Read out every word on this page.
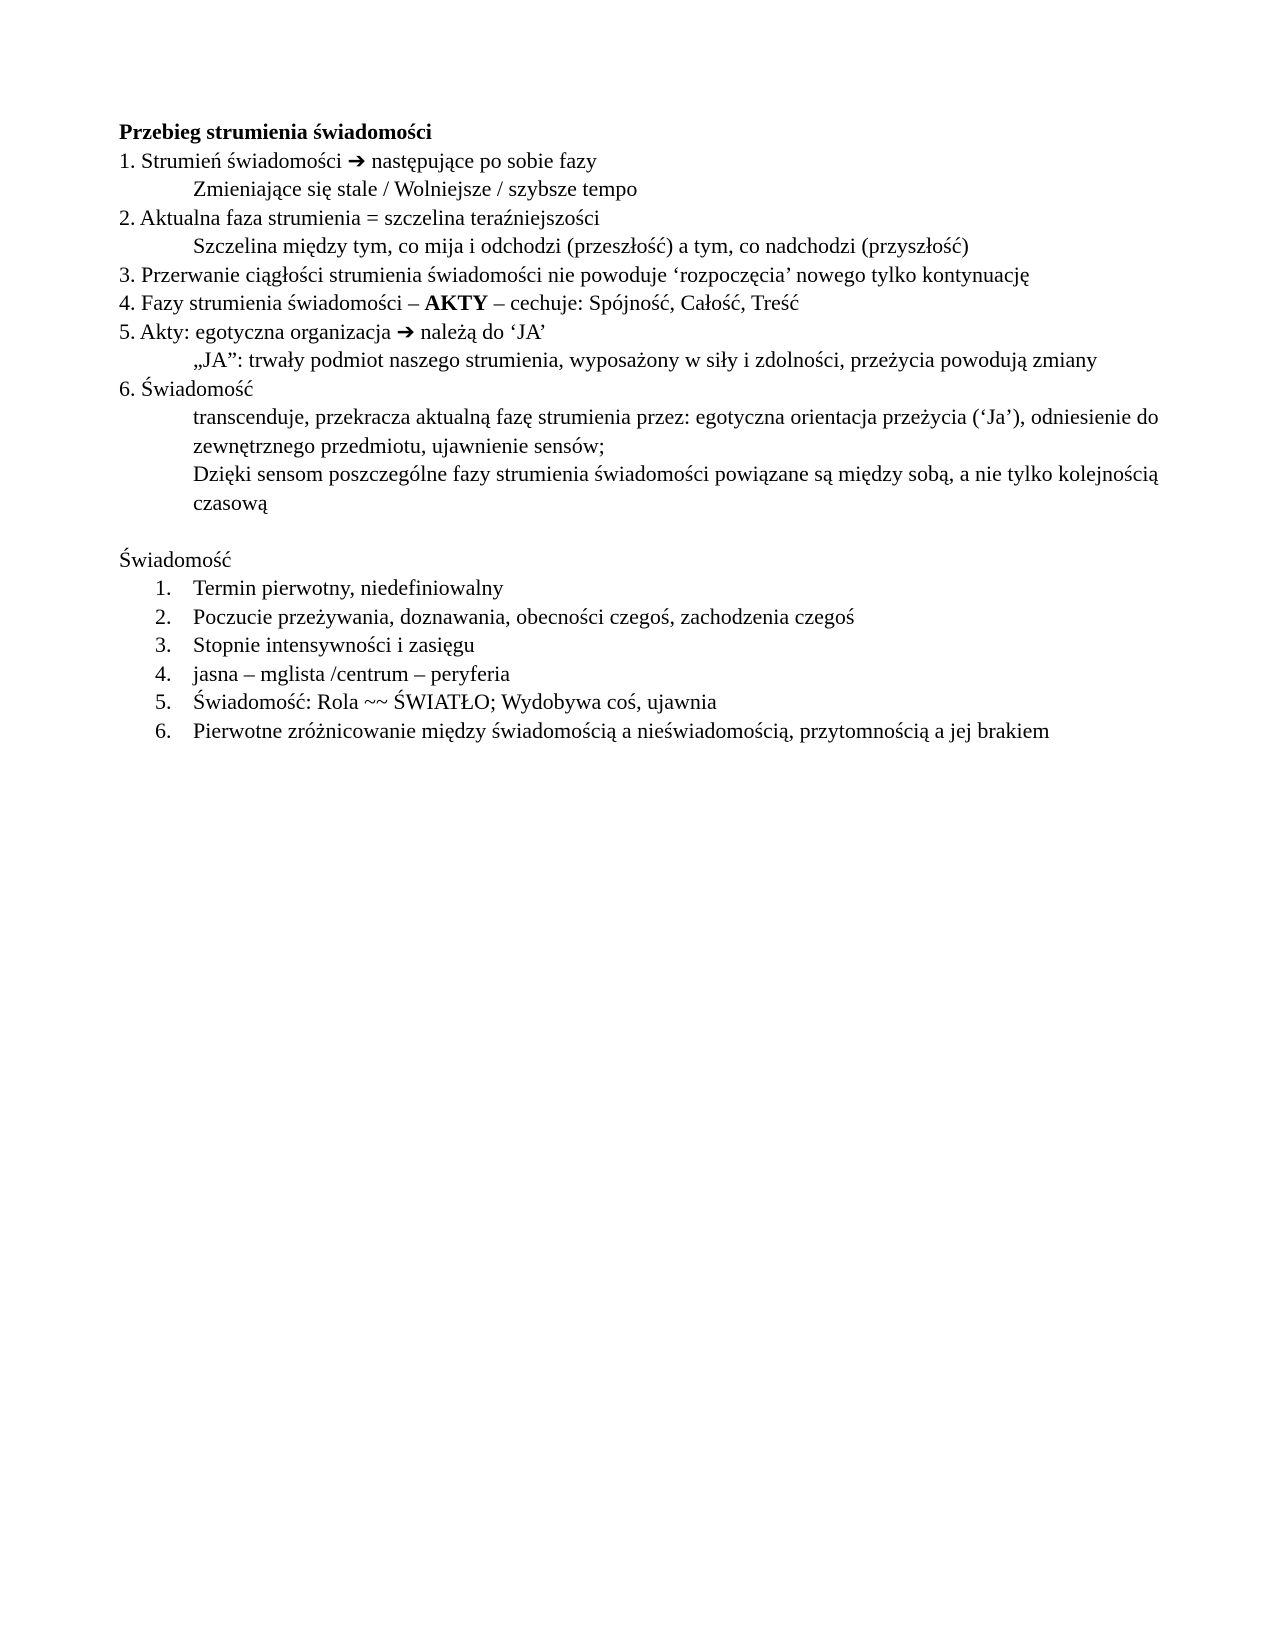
Przebieg strumienia świadomości

1. Strumień świadomości ➔ następujące po sobie fazy

Zmieniające się stale / Wolniejsze / szybsze tempo

2. Aktualna faza strumienia = szczelina teraźniejszości

Szczelina między tym, co mija i odchodzi (przeszłość) a tym, co nadchodzi (przyszłość)

3. Przerwanie ciągłości strumienia świadomości nie powoduje ‘rozpoczęcia’ nowego tylko kontynuację

4. Fazy strumienia świadomości – AKTY – cechuje: Spójność, Całość, Treść

5. Akty: egotyczna organizacja ➔ należą do ‘JA’

„JA”: trwały podmiot naszego strumienia, wyposażony w siły i zdolności, przeżycia powodują zmiany

6. Świadomość

transcenduje, przekracza aktualną fazę strumienia przez: egotyczna orientacja przeżycia (‘Ja’), odniesienie do zewnętrznego przedmiotu, ujawnienie sensów;

Dzięki sensom poszczególne fazy strumienia świadomości powiązane są między sobą, a nie tylko kolejnością czasową

Świadomość

1. Termin pierwotny, niedefiniowalny
2. Poczucie przeżywania, doznawania, obecności czegoś, zachodzenia czegoś
3. Stopnie intensywności i zasięgu
4. jasna – mglista /centrum – peryferia
5. Świadomość: Rola ~~ ŚWIATŁO; Wydobywa coś, ujawnia
6. Pierwotne zróżnicowanie między świadomością a nieświadomością, przytomnością a jej brakiem
